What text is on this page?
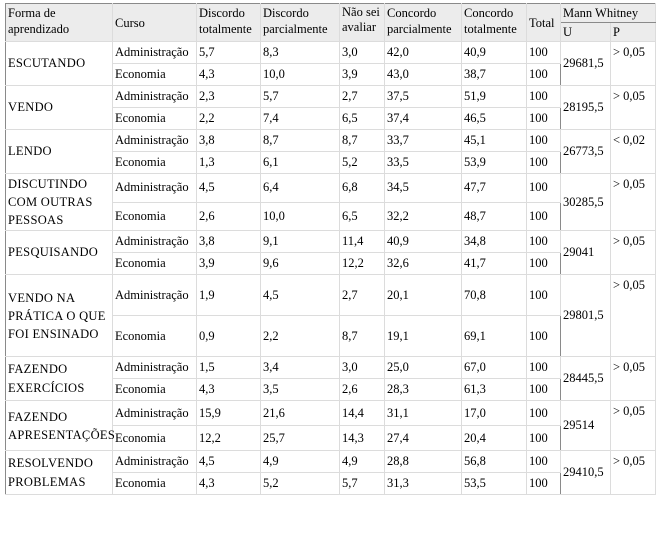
Forma de aprendizado	Curso	Discordo totalmente	Discordo parcialmente	Não sei avaliar	Concordo parcialmente	Concordo totalmente	Total	Mann Whitney	
								U	P
ESCUTANDO	Administração	5,7	8,3	3,0	42,0	40,9	100	29681,5	> 0,05
	Economia	4,3	10,0	3,9	43,0	38,7	100		
VENDO	Administração	2,3	5,7	2,7	37,5	51,9	100	28195,5	> 0,05
	Economia	2,2	7,4	6,5	37,4	46,5	100		
LENDO	Administração	3,8	8,7	8,7	33,7	45,1	100	26773,5	< 0,02
	Economia	1,3	6,1	5,2	33,5	53,9	100		
DISCUTINDO COM OUTRAS PESSOAS	Administração	4,5	6,4	6,8	34,5	47,7	100	30285,5	> 0,05
	Economia	2,6	10,0	6,5	32,2	48,7	100		
PESQUISANDO	Administração	3,8	9,1	11,4	40,9	34,8	100	29041	> 0,05
	Economia	3,9	9,6	12,2	32,6	41,7	100		
VENDO NA PRÁTICA O QUE FOI ENSINADO	Administração	1,9	4,5	2,7	20,1	70,8	100	29801,5	> 0,05
	Economia	0,9	2,2	8,7	19,1	69,1	100		
FAZENDO EXERCÍCIOS	Administração	1,5	3,4	3,0	25,0	67,0	100	28445,5	> 0,05
	Economia	4,3	3,5	2,6	28,3	61,3	100		
FAZENDO APRESENTAÇÕES	Administração	15,9	21,6	14,4	31,1	17,0	100	29514	> 0,05
	Economia	12,2	25,7	14,3	27,4	20,4	100		
RESOLVENDO PROBLEMAS	Administração	4,5	4,9	4,9	28,8	56,8	100	29410,5	> 0,05
	Economia	4,3	5,2	5,7	31,3	53,5	100		
